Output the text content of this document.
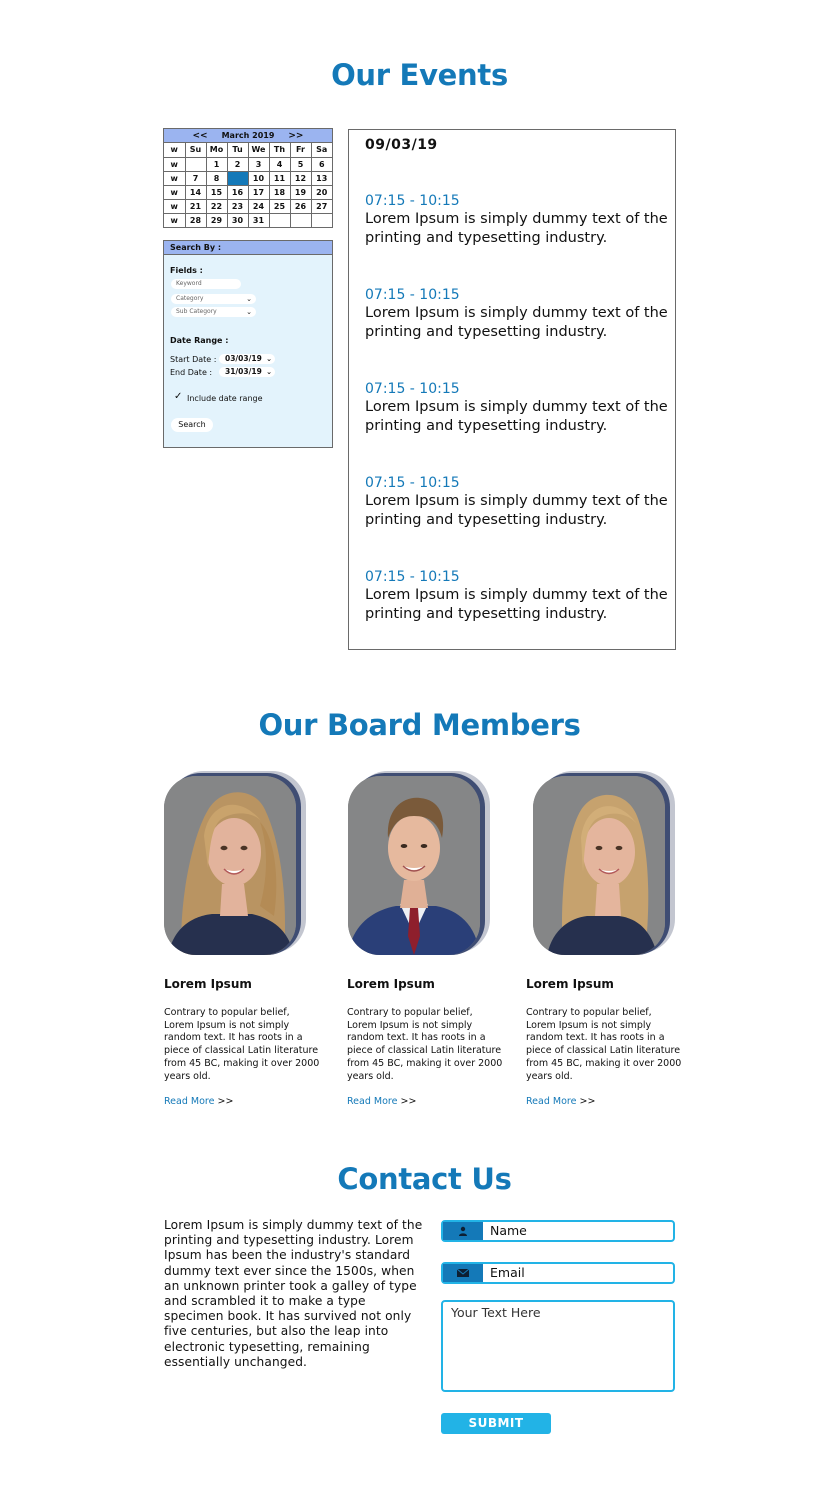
Our Events
<< March 2019 >>
w	Su	Mo	Tu	We	Th	Fr	Sa
w		1	2	3	4	5	6
w	7	8	9	10	11	12	13
w	14	15	16	17	18	19	20
w	21	22	23	24	25	26	27
w	28	29	30	31			
Search By :
Fields :
Keyword
Category	⌄
Sub Category	⌄
Date Range :
Start Date :	03/03/19 ⌄
End Date :	31/03/19 ⌄
✓ Include date range
Search
09/03/19
07:15 - 10:15
Lorem Ipsum is simply dummy text of the printing and typesetting industry.
07:15 - 10:15
Lorem Ipsum is simply dummy text of the printing and typesetting industry.
07:15 - 10:15
Lorem Ipsum is simply dummy text of the printing and typesetting industry.
07:15 - 10:15
Lorem Ipsum is simply dummy text of the printing and typesetting industry.
07:15 - 10:15
Lorem Ipsum is simply dummy text of the printing and typesetting industry.
Our Board Members
Lorem Ipsum
Contrary to popular belief, Lorem Ipsum is not simply random text. It has roots in a piece of classical Latin literature from 45 BC, making it over 2000 years old.
Read More >>
Lorem Ipsum
Contrary to popular belief, Lorem Ipsum is not simply random text. It has roots in a piece of classical Latin literature from 45 BC, making it over 2000 years old.
Read More >>
Lorem Ipsum
Contrary to popular belief, Lorem Ipsum is not simply random text. It has roots in a piece of classical Latin literature from 45 BC, making it over 2000 years old.
Read More >>
Contact Us
Lorem Ipsum is simply dummy text of the printing and typesetting industry. Lorem Ipsum has been the industry's standard dummy text ever since the 1500s, when an unknown printer took a galley of type and scrambled it to make a type specimen book. It has survived not only five centuries, but also the leap into electronic typesetting, remaining essentially unchanged.
Name
Email
Your Text Here
SUBMIT
